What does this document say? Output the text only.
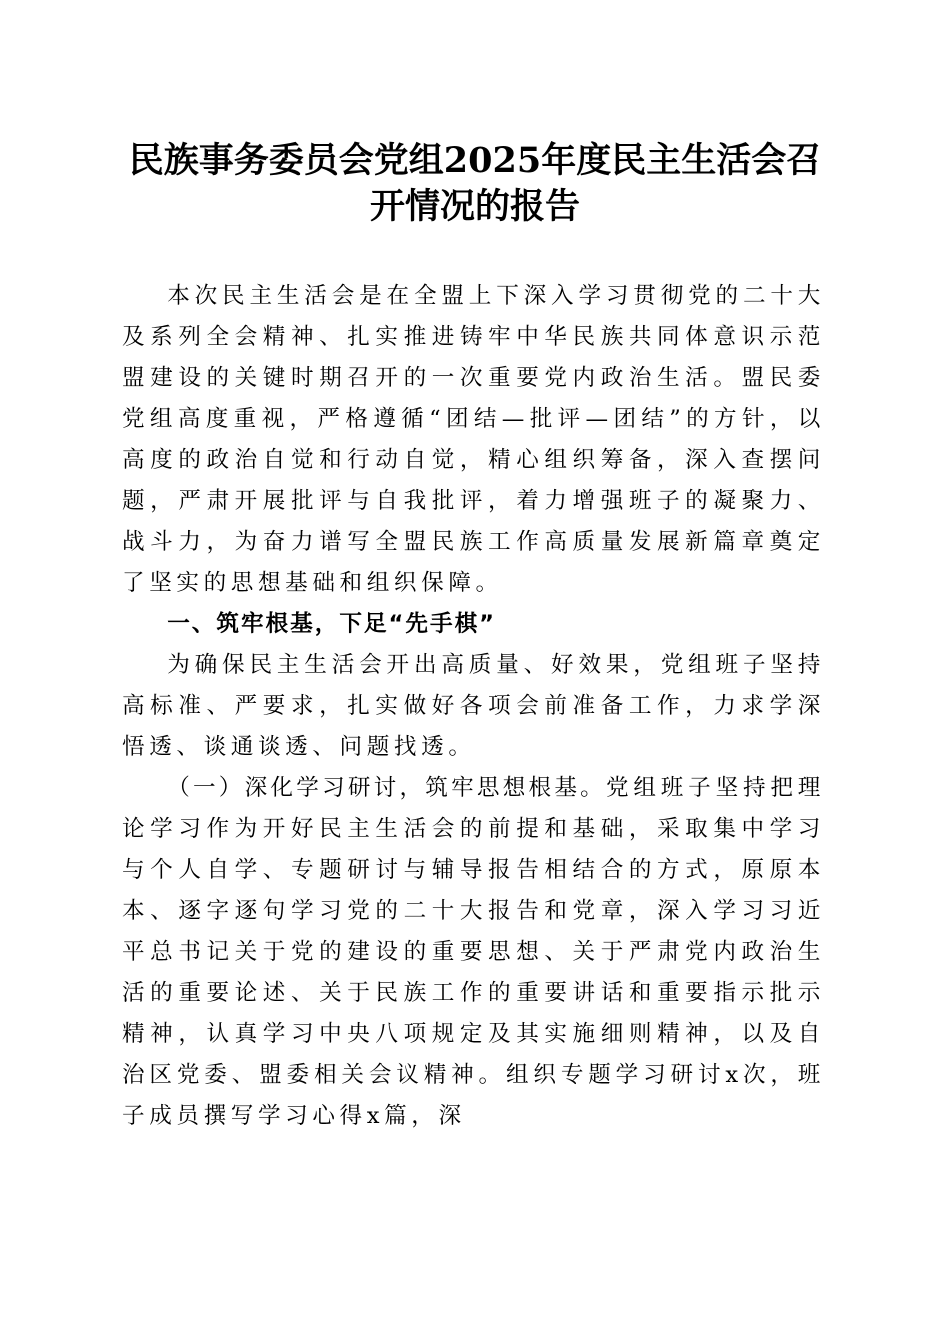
民族事务委员会党组2025年度民主生活会召开情况的报告

本次民主生活会是在全盟上下深入学习贯彻党的二十大及系列全会精神、扎实推进铸牢中华民族共同体意识示范盟建设的关键时期召开的一次重要党内政治生活。盟民委党组高度重视，严格遵循“团结—批评—团结”的方针，以高度的政治自觉和行动自觉，精心组织筹备，深入查摆问题，严肃开展批评与自我批评，着力增强班子的凝聚力、战斗力，为奋力谱写全盟民族工作高质量发展新篇章奠定了坚实的思想基础和组织保障。

一、筑牢根基，下足“先手棋”

为确保民主生活会开出高质量、好效果，党组班子坚持高标准、严要求，扎实做好各项会前准备工作，力求学深悟透、谈通谈透、问题找透。

（一）深化学习研讨，筑牢思想根基。党组班子坚持把理论学习作为开好民主生活会的前提和基础，采取集中学习与个人自学、专题研讨与辅导报告相结合的方式，原原本本、逐字逐句学习党的二十大报告和党章，深入学习习近平总书记关于党的建设的重要思想、关于严肃党内政治生活的重要论述、关于民族工作的重要讲话和重要指示批示精神，认真学习中央八项规定及其实施细则精神，以及自治区党委、盟委相关会议精神。组织专题学习研讨x次，班子成员撰写学习心得x篇，深
